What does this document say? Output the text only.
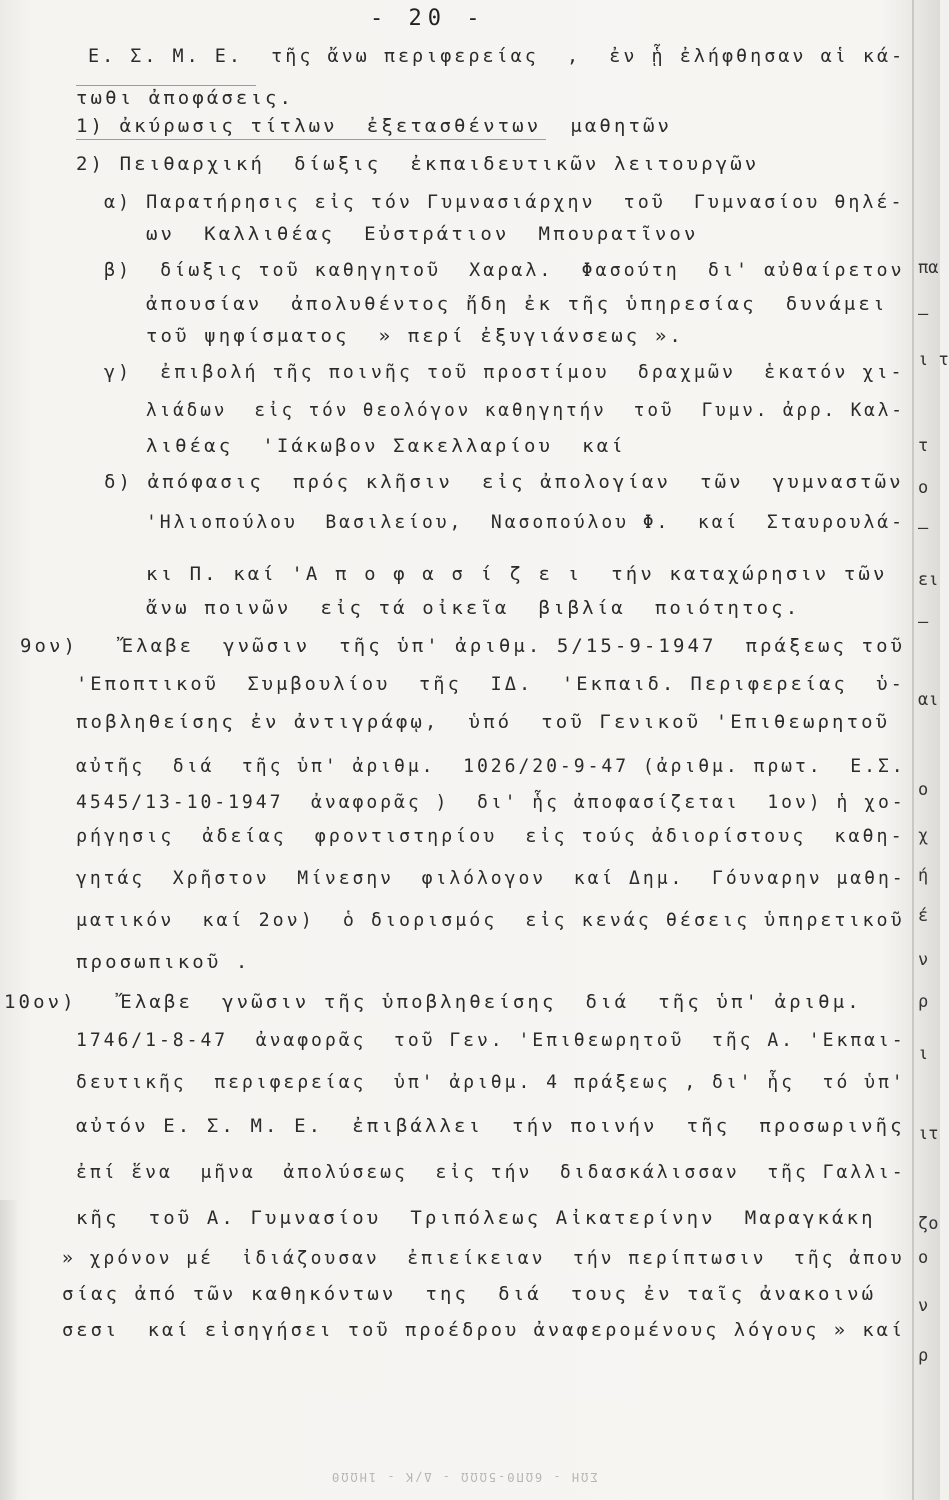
- 20 -
Ε. Σ. Μ. Ε.  τῆς ἄνω περιφερείας  ,  ἐν ᾗ ἐλήφθησαν αἱ κά-
τωθι ἀποφάσεις.
1) ἀκύρωσις τίτλων  ἐξετασθέντων  μαθητῶν
2) Πειθαρχική  δίωξις  ἐκπαιδευτικῶν λειτουργῶν
α) Παρατήρησις εἰς τόν Γυμνασιάρχην  τοῦ  Γυμνασίου θηλέ-
ων  Καλλιθέας  Εὐστράτιον  Μπουρατῖνον
β)  δίωξις τοῦ καθηγητοῦ  Χαραλ.  Φασούτη  δι' αὐθαίρετον
ἀπουσίαν  ἀπολυθέντος ἤδη ἐκ τῆς ὑπηρεσίας  δυνάμει
τοῦ ψηφίσματος  » περί ἐξυγιάνσεως ».
γ)  ἐπιβολή τῆς ποινῆς τοῦ προστίμου  δραχμῶν  ἑκατόν χι-
λιάδων  εἰς τόν θεολόγον καθηγητήν  τοῦ  Γυμν. ἀρρ. Καλ-
λιθέας  'Ιάκωβον Σακελλαρίου  καί
δ) ἀπόφασις  πρός κλῆσιν  εἰς ἀπολογίαν  τῶν  γυμναστῶν
'Ηλιοπούλου  Βασιλείου,  Νασοπούλου Φ.  καί  Σταυρουλά-
κι Π. καί 'Α π ο φ α σ ί ζ ε ι  τήν καταχώρησιν τῶν
ἄνω ποινῶν  εἰς τά οἰκεῖα  βιβλία  ποιότητος.
9ον)   Ἔλαβε  γνῶσιν  τῆς ὑπ' ἀριθμ. 5/15-9-1947  πράξεως τοῦ
'Εποπτικοῦ  Συμβουλίου  τῆς  ΙΔ.  'Εκπαιδ. Περιφερείας  ὑ-
ποβληθείσης ἐν ἀντιγράφῳ,  ὑπό  τοῦ Γενικοῦ 'Επιθεωρητοῦ
αὐτῆς  διά  τῆς ὑπ' ἀριθμ.  1026/20-9-47 (ἀριθμ. πρωτ.  Ε.Σ.
4545/13-10-1947  ἀναφορᾶς )  δι' ἧς ἀποφασίζεται  1ον) ἡ χο-
ρήγησις  ἀδείας  φροντιστηρίου  εἰς τούς ἀδιορίστους  καθη-
γητάς  Χρῆστον  Μίνεσην  φιλόλογον  καί Δημ.  Γόυναρην μαθη-
ματικόν  καί 2ον)  ὁ διορισμός  εἰς κενάς θέσεις ὑπηρετικοῦ
προσωπικοῦ .
10ον)   Ἔλαβε  γνῶσιν τῆς ὑποβληθείσης  διά  τῆς ὑπ' ἀριθμ.
1746/1-8-47  ἀναφορᾶς  τοῦ Γεν. 'Επιθεωρητοῦ  τῆς Α. 'Εκπαι-
δευτικῆς  περιφερείας  ὑπ' ἀριθμ. 4 πράξεως , δι' ἧς  τό ὑπ'
αὐτόν Ε. Σ. Μ. Ε.  ἐπιβάλλει  τήν ποινήν  τῆς  προσωρινῆς
ἐπί ἕνα  μῆνα  ἀπολύσεως  εἰς τήν  διδασκάλισσαν  τῆς Γαλλι-
κῆς  τοῦ Α. Γυμνασίου  Τριπόλεως Αἰκατερίνην  Μαραγκάκη
» χρόνον μέ  ἰδιάζουσαν  ἐπιείκειαν  τήν περίπτωσιν  τῆς ἀπου
σίας ἀπό τῶν καθηκόντων  της  διά  τους ἐν ταῖς ἀνακοινώ
σεσι  καί εἰσηγήσει τοῦ προέδρου ἀναφερομένους λόγους » καί
πα
–
ι τ
τ
ο
–
ει
–
αι
ο
χ
ή
έ
ν
ρ
ι
ιτ
ζο
ο
ν
ρ
ΣΩΗ - 6ΩΠΘ-5ΩΩΩ - Δ/Κ - 1ΗΩΩΘ
